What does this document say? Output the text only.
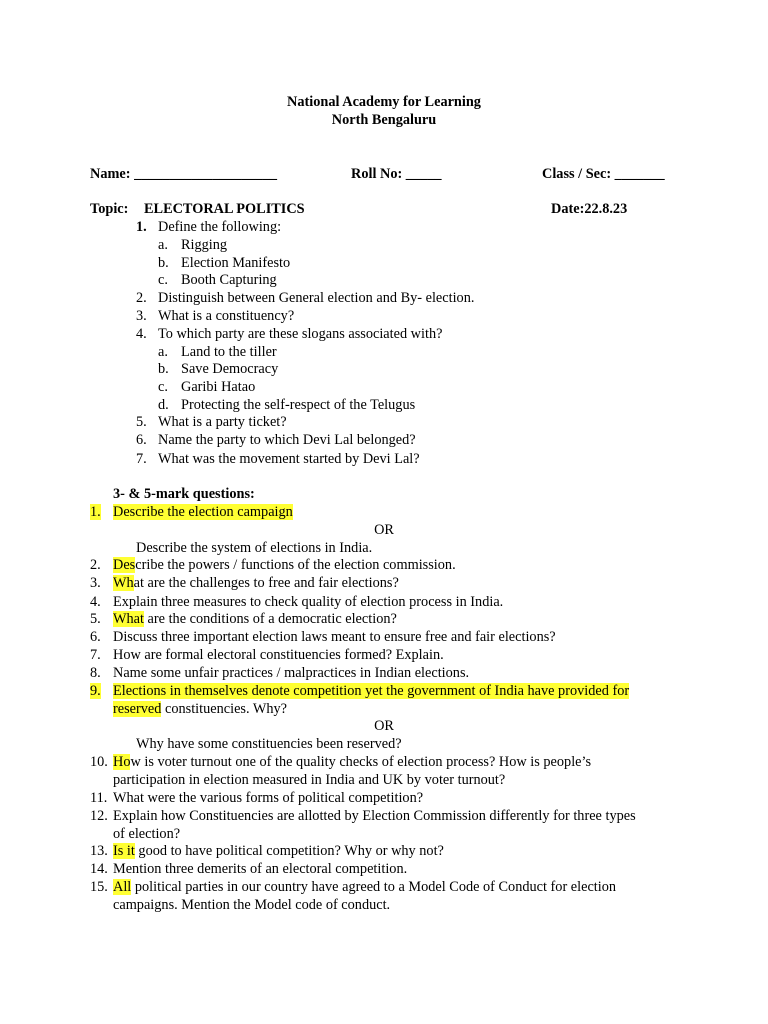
National Academy for Learning
North Bengaluru
Name: ____________________	Roll No: _____	Class / Sec: _______
Topic: ELECTORAL POLITICS	Date:22.8.23
1. Define the following:
a. Rigging
b. Election Manifesto
c. Booth Capturing
2. Distinguish between General election and By- election.
3. What is a constituency?
4. To which party are these slogans associated with?
a. Land to the tiller
b. Save Democracy
c. Garibi Hatao
d. Protecting the self-respect of the Telugus
5. What is a party ticket?
6. Name the party to which Devi Lal belonged?
7. What was the movement started by Devi Lal?
3- & 5-mark questions:
1. Describe the election campaign
OR
Describe the system of elections in India.
2. Describe the powers / functions of the election commission.
3. What are the challenges to free and fair elections?
4. Explain three measures to check quality of election process in India.
5. What are the conditions of a democratic election?
6. Discuss three important election laws meant to ensure free and fair elections?
7. How are formal electoral constituencies formed? Explain.
8. Name some unfair practices / malpractices in Indian elections.
9. Elections in themselves denote competition yet the government of India have provided for
reserved constituencies. Why?
OR
Why have some constituencies been reserved?
10. How is voter turnout one of the quality checks of election process? How is people’s
participation in election measured in India and UK by voter turnout?
11. What were the various forms of political competition?
12. Explain how Constituencies are allotted by Election Commission differently for three types
of election?
13. Is it good to have political competition? Why or why not?
14. Mention three demerits of an electoral competition.
15. All political parties in our country have agreed to a Model Code of Conduct for election
campaigns. Mention the Model code of conduct.
